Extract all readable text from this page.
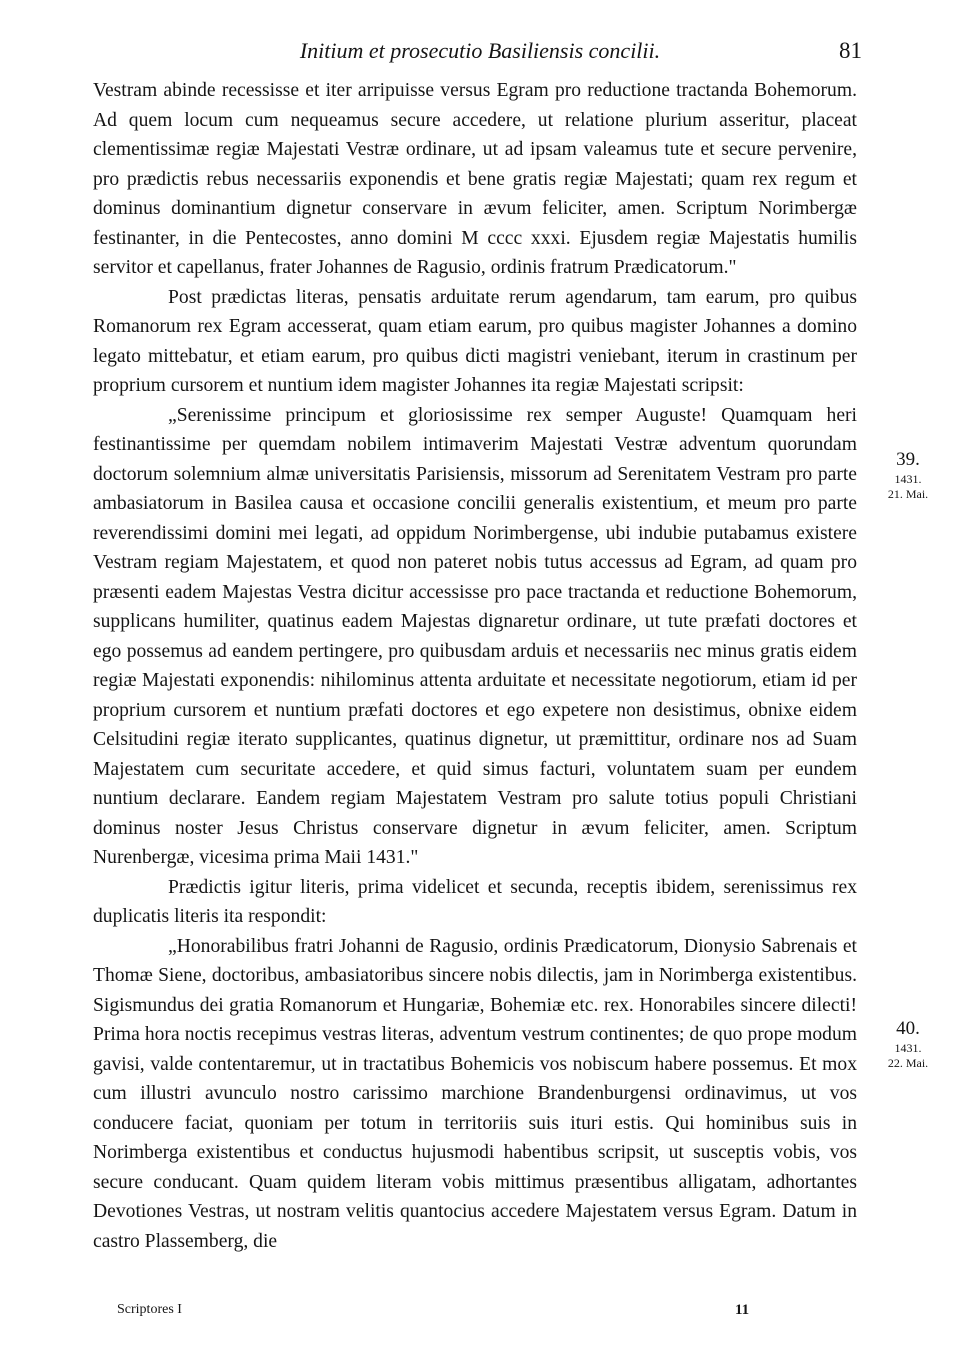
Initium et prosecutio Basiliensis concilii.	81

Vestram abinde recessisse et iter arripuisse versus Egram pro reductione tractanda Bohemorum. Ad quem locum cum nequeamus secure accedere, ut relatione plurium asseritur, placeat clementissimæ regiæ Majestati Vestræ ordinare, ut ad ipsam valeamus tute et secure pervenire, pro prædictis rebus necessariis exponendis et bene gratis regiæ Majestati; quam rex regum et dominus dominantium dignetur conservare in ævum feliciter, amen. Scriptum Norimbergæ festinanter, in die Pentecostes, anno domini M cccc xxxi. Ejusdem regiæ Majestatis humilis servitor et capellanus, frater Johannes de Ragusio, ordinis fratrum Prædicatorum."

Post prædictas literas, pensatis arduitate rerum agendarum, tam earum, pro quibus Romanorum rex Egram accesserat, quam etiam earum, pro quibus magister Johannes a domino legato mittebatur, et etiam earum, pro quibus dicti magistri veniebant, iterum in crastinum per proprium cursorem et nuntium idem magister Johannes ita regiæ Majestati scripsit:

„Serenissime principum et gloriosissime rex semper Auguste! Quamquam heri festinantissime per quemdam nobilem intimaverim Majestati Vestræ adventum quorundam doctorum solemnium almæ universitatis Parisiensis, missorum ad Serenitatem Vestram pro parte ambasiatorum in Basilea causa et occasione concilii generalis existentium, et meum pro parte reverendissimi domini mei legati, ad oppidum Norimbergense, ubi indubie putabamus existere Vestram regiam Majestatem, et quod non pateret nobis tutus accessus ad Egram, ad quam pro præsenti eadem Majestas Vestra dicitur accessisse pro pace tractanda et reductione Bohemorum, supplicans humiliter, quatinus eadem Majestas dignaretur ordinare, ut tute præfati doctores et ego possemus ad eandem pertingere, pro quibusdam arduis et necessariis nec minus gratis eidem regiæ Majestati exponendis: nihilominus attenta arduitate et necessitate negotiorum, etiam id per proprium cursorem et nuntium præfati doctores et ego expetere non desistimus, obnixe eidem Celsitudini regiæ iterato supplicantes, quatinus dignetur, ut præmittitur, ordinare nos ad Suam Majestatem cum securitate accedere, et quid simus facturi, voluntatem suam per eundem nuntium declarare. Eandem regiam Majestatem Vestram pro salute totius populi Christiani dominus noster Jesus Christus conservare dignetur in ævum feliciter, amen. Scriptum Nurenbergæ, vicesima prima Maii 1431."

Prædictis igitur literis, prima videlicet et secunda, receptis ibidem, serenissimus rex duplicatis literis ita respondit:

„Honorabilibus fratri Johanni de Ragusio, ordinis Prædicatorum, Dionysio Sabrenais et Thomæ Siene, doctoribus, ambasiatoribus sincere nobis dilectis, jam in Norimberga existentibus. Sigismundus dei gratia Romanorum et Hungariæ, Bohemiæ etc. rex. Honorabiles sincere dilecti! Prima hora noctis recepimus vestras literas, adventum vestrum continentes; de quo prope modum gavisi, valde contentaremur, ut in tractatibus Bohemicis vos nobiscum habere possemus. Et mox cum illustri avunculo nostro carissimo marchione Brandenburgensi ordinavimus, ut vos conducere faciat, quoniam per totum in territoriis suis ituri estis. Qui hominibus suis in Norimberga existentibus et conductus hujusmodi habentibus scripsit, ut susceptis vobis, vos secure conducant. Quam quidem literam vobis mittimus præsentibus alligatam, adhortantes Devotiones Vestras, ut nostram velitis quantocius accedere Majestatem versus Egram. Datum in castro Plassemberg, die

39.
1431.
21. Mai.
40.
1431.
22. Mai.
Scriptores I	11
